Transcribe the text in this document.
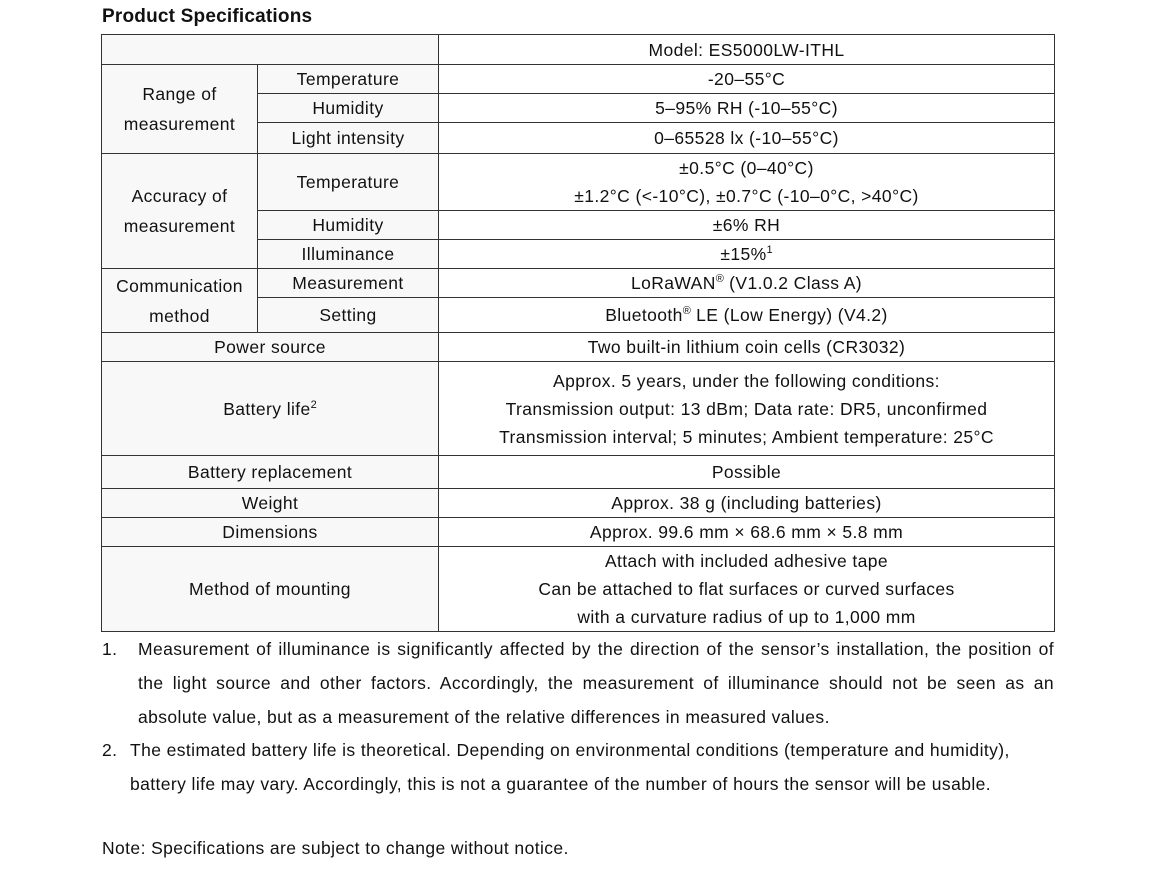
Product Specifications
		Model: ES5000LW-ITHL
Range of
measurement	Temperature	-20–55°C
	Humidity	5–95% RH (-10–55°C)
	Light intensity	0–65528 lx (-10–55°C)
Accuracy of
measurement	Temperature	±0.5°C (0–40°C)
±1.2°C (<-10°C), ±0.7°C (-10–0°C, >40°C)
	Humidity	±6% RH
	Illuminance	±15%$^1$
Communication
method	Measurement	LoRaWAN® (V1.0.2 Class A)
	Setting	Bluetooth® LE (Low Energy) (V4.2)
Power source		Two built-in lithium coin cells (CR3032)
Battery life$^2$		Approx. 5 years, under the following conditions:
Transmission output: 13 dBm; Data rate: DR5, unconfirmed
Transmission interval; 5 minutes; Ambient temperature: 25°C
Battery replacement		Possible
Weight		Approx. 38 g (including batteries)
Dimensions		Approx. 99.6 mm × 68.6 mm × 5.8 mm
Method of mounting		Attach with included adhesive tape
Can be attached to flat surfaces or curved surfaces
with a curvature radius of up to 1,000 mm
1. Measurement of illuminance is significantly affected by the direction of the sensor’s installation, the position of the light source and other factors. Accordingly, the measurement of illuminance should not be seen as an absolute value, but as a measurement of the relative differences in measured values.
2. The estimated battery life is theoretical. Depending on environmental conditions (temperature and humidity),
battery life may vary. Accordingly, this is not a guarantee of the number of hours the sensor will be usable.
Note: Specifications are subject to change without notice.
